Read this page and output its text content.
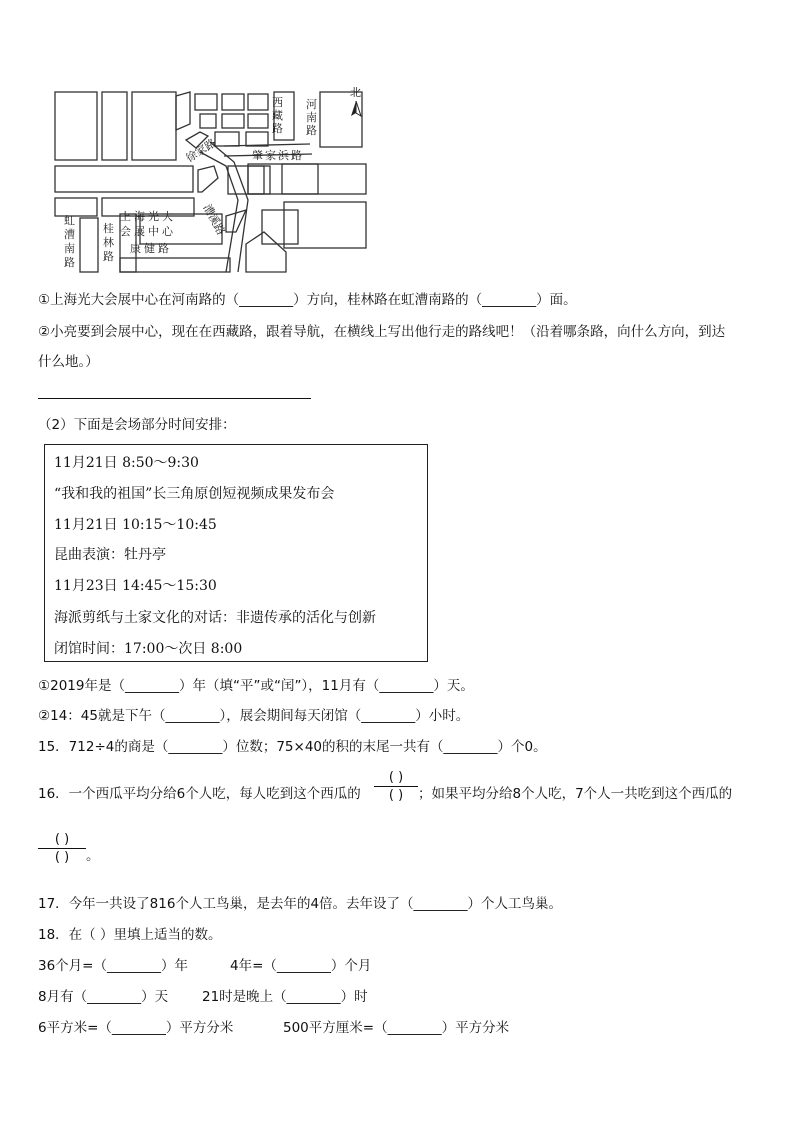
西藏路
河南路
徐家路	肇家浜路
虹漕南路
桂林路
康健路
漕溪路
上海光大
会展中心
北
①上海光大会展中心在河南路的（________）方向，桂林路在虹漕南路的（________）面。
②小亮要到会展中心，现在在西藏路，跟着导航，在横线上写出他行走的路线吧！（沿着哪条路，向什么方向，到达
什么地。）
（2）下面是会场部分时间安排：
11月21日 8:50～9:30
“我和我的祖国”长三角原创短视频成果发布会
11月21日 10:15～10:45
昆曲表演：牡丹亭
11月23日 14:45～15:30
海派剪纸与土家文化的对话：非遗传承的活化与创新
闭馆时间：17:00～次日 8:00
①2019年是（________）年（填“平”或“闰”），11月有（________）天。
②14：45就是下午（________），展会期间每天闭馆（________）小时。
15．712÷4的商是（________）位数；75×40的积的末尾一共有（________）个0。
16．一个西瓜平均分给6个人吃，每人吃到这个西瓜的
( )
( )	；如果平均分给8个人吃，7个人一共吃到这个西瓜的
( )
( )	。
17．今年一共设了816个人工鸟巢，是去年的4倍。去年设了（________）个人工鸟巢。
18．在（ ）里填上适当的数。
36个月=（________）年	4年=（________）个月
8月有（________）天	21时是晚上（________）时
6平方米=（________）平方分米	500平方厘米=（________）平方分米
